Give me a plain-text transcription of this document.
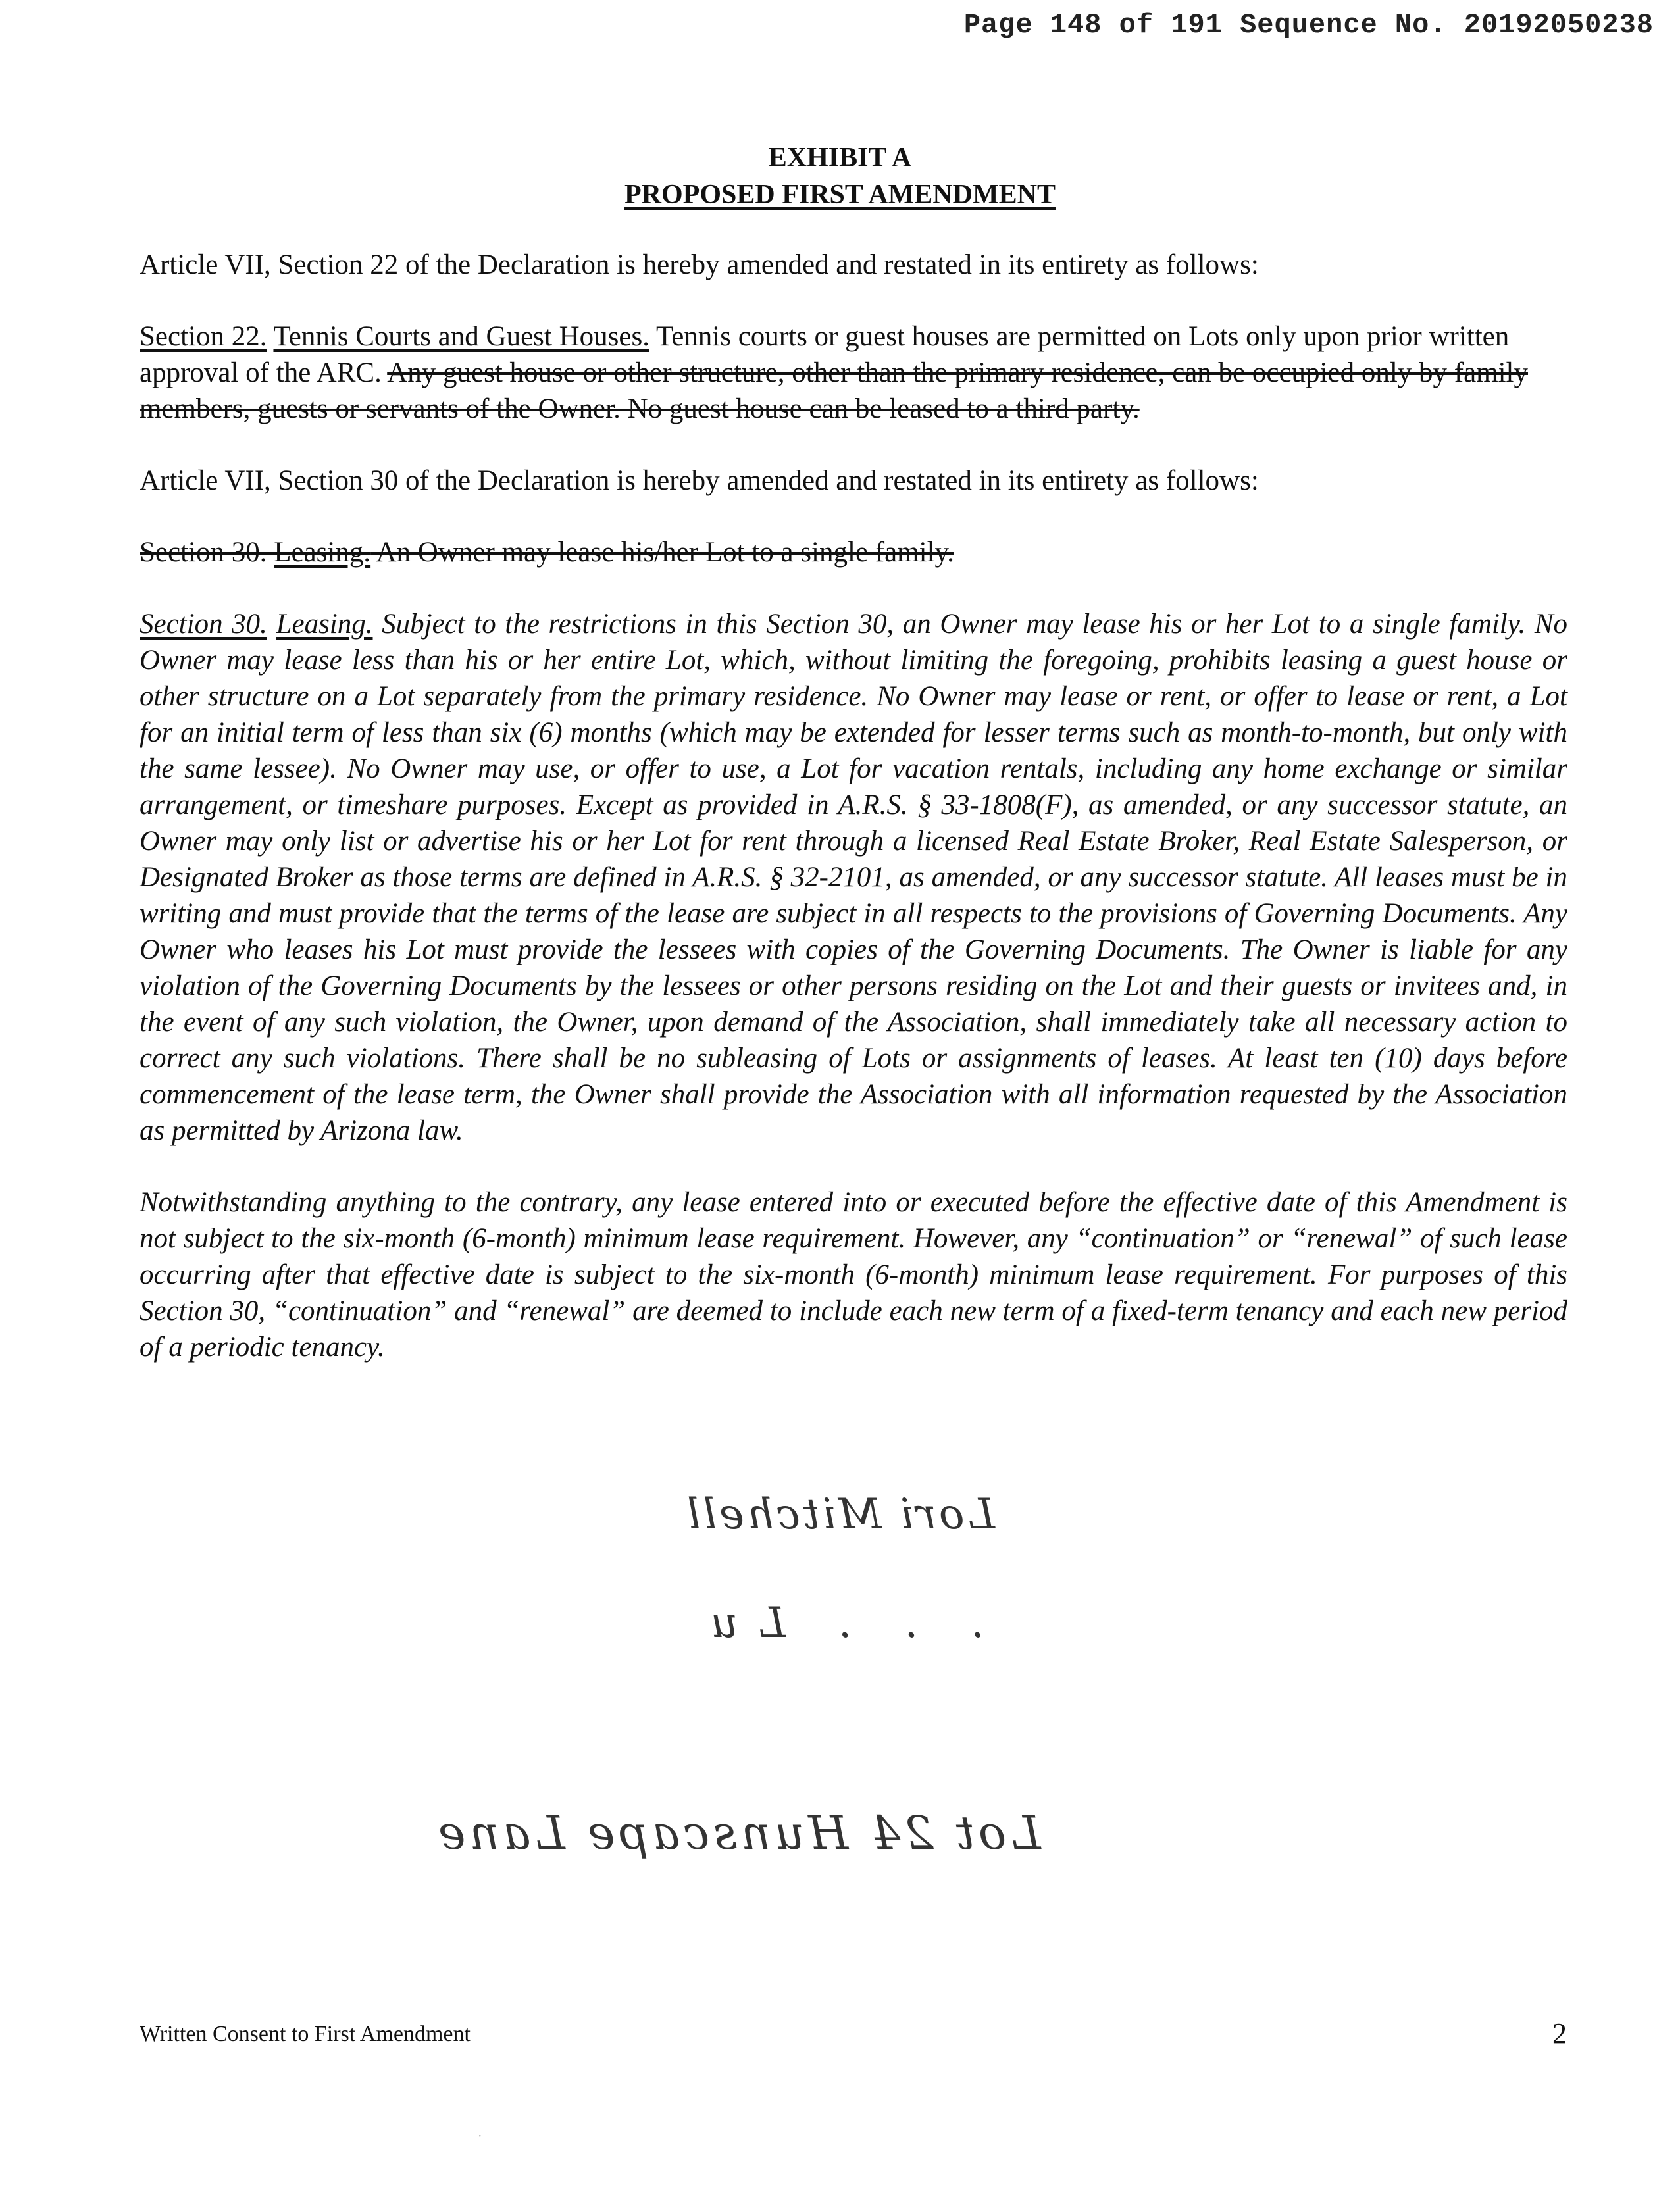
Page 148 of 191 Sequence No. 20192050238

EXHIBIT A

PROPOSED FIRST AMENDMENT

Article VII, Section 22 of the Declaration is hereby amended and restated in its entirety as follows:

Section 22. Tennis Courts and Guest Houses. Tennis courts or guest houses are permitted on Lots only upon prior written approval of the ARC. Any guest house or other structure, other than the primary residence, can be occupied only by family members, guests or servants of the Owner. No guest house can be leased to a third party.

Article VII, Section 30 of the Declaration is hereby amended and restated in its entirety as follows:

Section 30. Leasing. An Owner may lease his/her Lot to a single family.

Section 30. Leasing. Subject to the restrictions in this Section 30, an Owner may lease his or her Lot to a single family. No Owner may lease less than his or her entire Lot, which, without limiting the foregoing, prohibits leasing a guest house or other structure on a Lot separately from the primary residence. No Owner may lease or rent, or offer to lease or rent, a Lot for an initial term of less than six (6) months (which may be extended for lesser terms such as month-to-month, but only with the same lessee). No Owner may use, or offer to use, a Lot for vacation rentals, including any home exchange or similar arrangement, or timeshare purposes. Except as provided in A.R.S. § 33-1808(F), as amended, or any successor statute, an Owner may only list or advertise his or her Lot for rent through a licensed Real Estate Broker, Real Estate Salesperson, or Designated Broker as those terms are defined in A.R.S. § 32-2101, as amended, or any successor statute. All leases must be in writing and must provide that the terms of the lease are subject in all respects to the provisions of Governing Documents. Any Owner who leases his Lot must provide the lessees with copies of the Governing Documents. The Owner is liable for any violation of the Governing Documents by the lessees or other persons residing on the Lot and their guests or invitees and, in the event of any such violation, the Owner, upon demand of the Association, shall immediately take all necessary action to correct any such violations. There shall be no subleasing of Lots or assignments of leases. At least ten (10) days before commencement of the lease term, the Owner shall provide the Association with all information requested by the Association as permitted by Arizona law.

Notwithstanding anything to the contrary, any lease entered into or executed before the effective date of this Amendment is not subject to the six-month (6-month) minimum lease requirement. However, any “continuation” or “renewal” of such lease occurring after that effective date is subject to the six-month (6-month) minimum lease requirement. For purposes of this Section 30, “continuation” and “renewal” are deemed to include each new term of a fixed-term tenancy and each new period of a periodic tenancy.

Lori Mitchell
. . . Lu
Lot 24 Hunscape Lane
Written Consent to First Amendment	2
·
